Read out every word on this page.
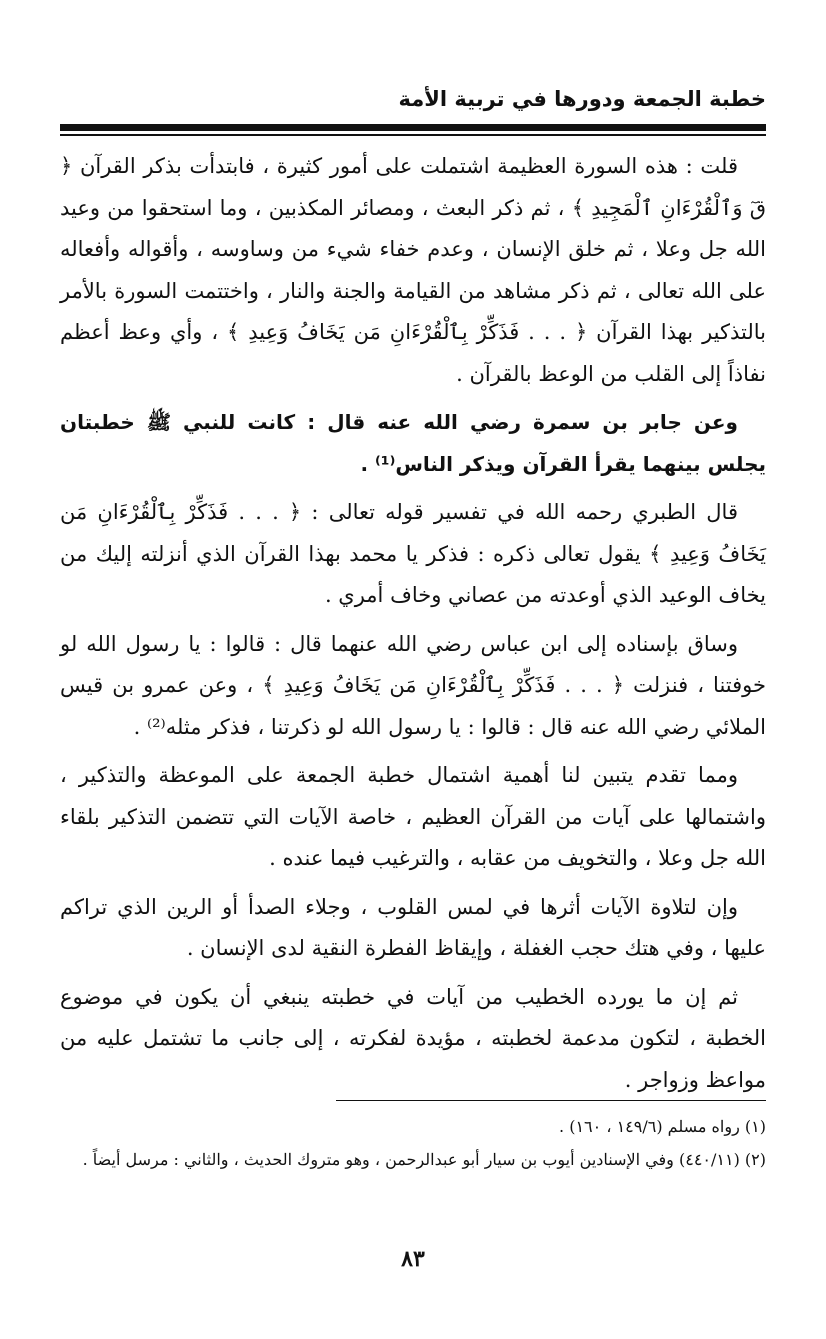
خطبة الجمعة ودورها في تربية الأمة

قلت : هذه السورة العظيمة اشتملت على أمور كثيرة ، فابتدأت بذكر القرآن ﴿ قٓ وَٱلْقُرْءَانِ ٱلْمَجِيدِ ﴾ ، ثم ذكر البعث ، ومصائر المكذبين ، وما استحقوا من وعيد الله جل وعلا ، ثم خلق الإنسان ، وعدم خفاء شيء من وساوسه ، وأقواله وأفعاله على الله تعالى ، ثم ذكر مشاهد من القيامة والجنة والنار ، واختتمت السورة بالأمر بالتذكير بهذا القرآن ﴿ . . . فَذَكِّرْ بِٱلْقُرْءَانِ مَن يَخَافُ وَعِيدِ ﴾ ، وأي وعظ أعظم نفاذاً إلى القلب من الوعظ بالقرآن .

وعن جابر بن سمرة رضي الله عنه قال : كانت للنبي ﷺ خطبتان يجلس بينهما يقرأ القرآن ويذكر الناس⁽¹⁾ .

قال الطبري رحمه الله في تفسير قوله تعالى : ﴿ . . . فَذَكِّرْ بِٱلْقُرْءَانِ مَن يَخَافُ وَعِيدِ ﴾ يقول تعالى ذكره : فذكر يا محمد بهذا القرآن الذي أنزلته إليك من يخاف الوعيد الذي أوعدته من عصاني وخاف أمري .

وساق بإسناده إلى ابن عباس رضي الله عنهما قال : قالوا : يا رسول الله لو خوفتنا ، فنزلت ﴿ . . . فَذَكِّرْ بِٱلْقُرْءَانِ مَن يَخَافُ وَعِيدِ ﴾ ، وعن عمرو بن قيس الملائي رضي الله عنه قال : قالوا : يا رسول الله لو ذكرتنا ، فذكر مثله⁽²⁾ .

ومما تقدم يتبين لنا أهمية اشتمال خطبة الجمعة على الموعظة والتذكير ، واشتمالها على آيات من القرآن العظيم ، خاصة الآيات التي تتضمن التذكير بلقاء الله جل وعلا ، والتخويف من عقابه ، والترغيب فيما عنده .

وإن لتلاوة الآيات أثرها في لمس القلوب ، وجلاء الصدأ أو الرين الذي تراكم عليها ، وفي هتك حجب الغفلة ، وإيقاظ الفطرة النقية لدى الإنسان .

ثم إن ما يورده الخطيب من آيات في خطبته ينبغي أن يكون في موضوع الخطبة ، لتكون مدعمة لخطبته ، مؤيدة لفكرته ، إلى جانب ما تشتمل عليه من مواعظ وزواجر .

(١) رواه مسلم (١٤٩/٦ ، ١٦٠) .

(٢) (٤٤٠/١١) وفي الإسنادين أيوب بن سيار أبو عبدالرحمن ، وهو متروك الحديث ، والثاني : مرسل أيضاً .

٨٣
